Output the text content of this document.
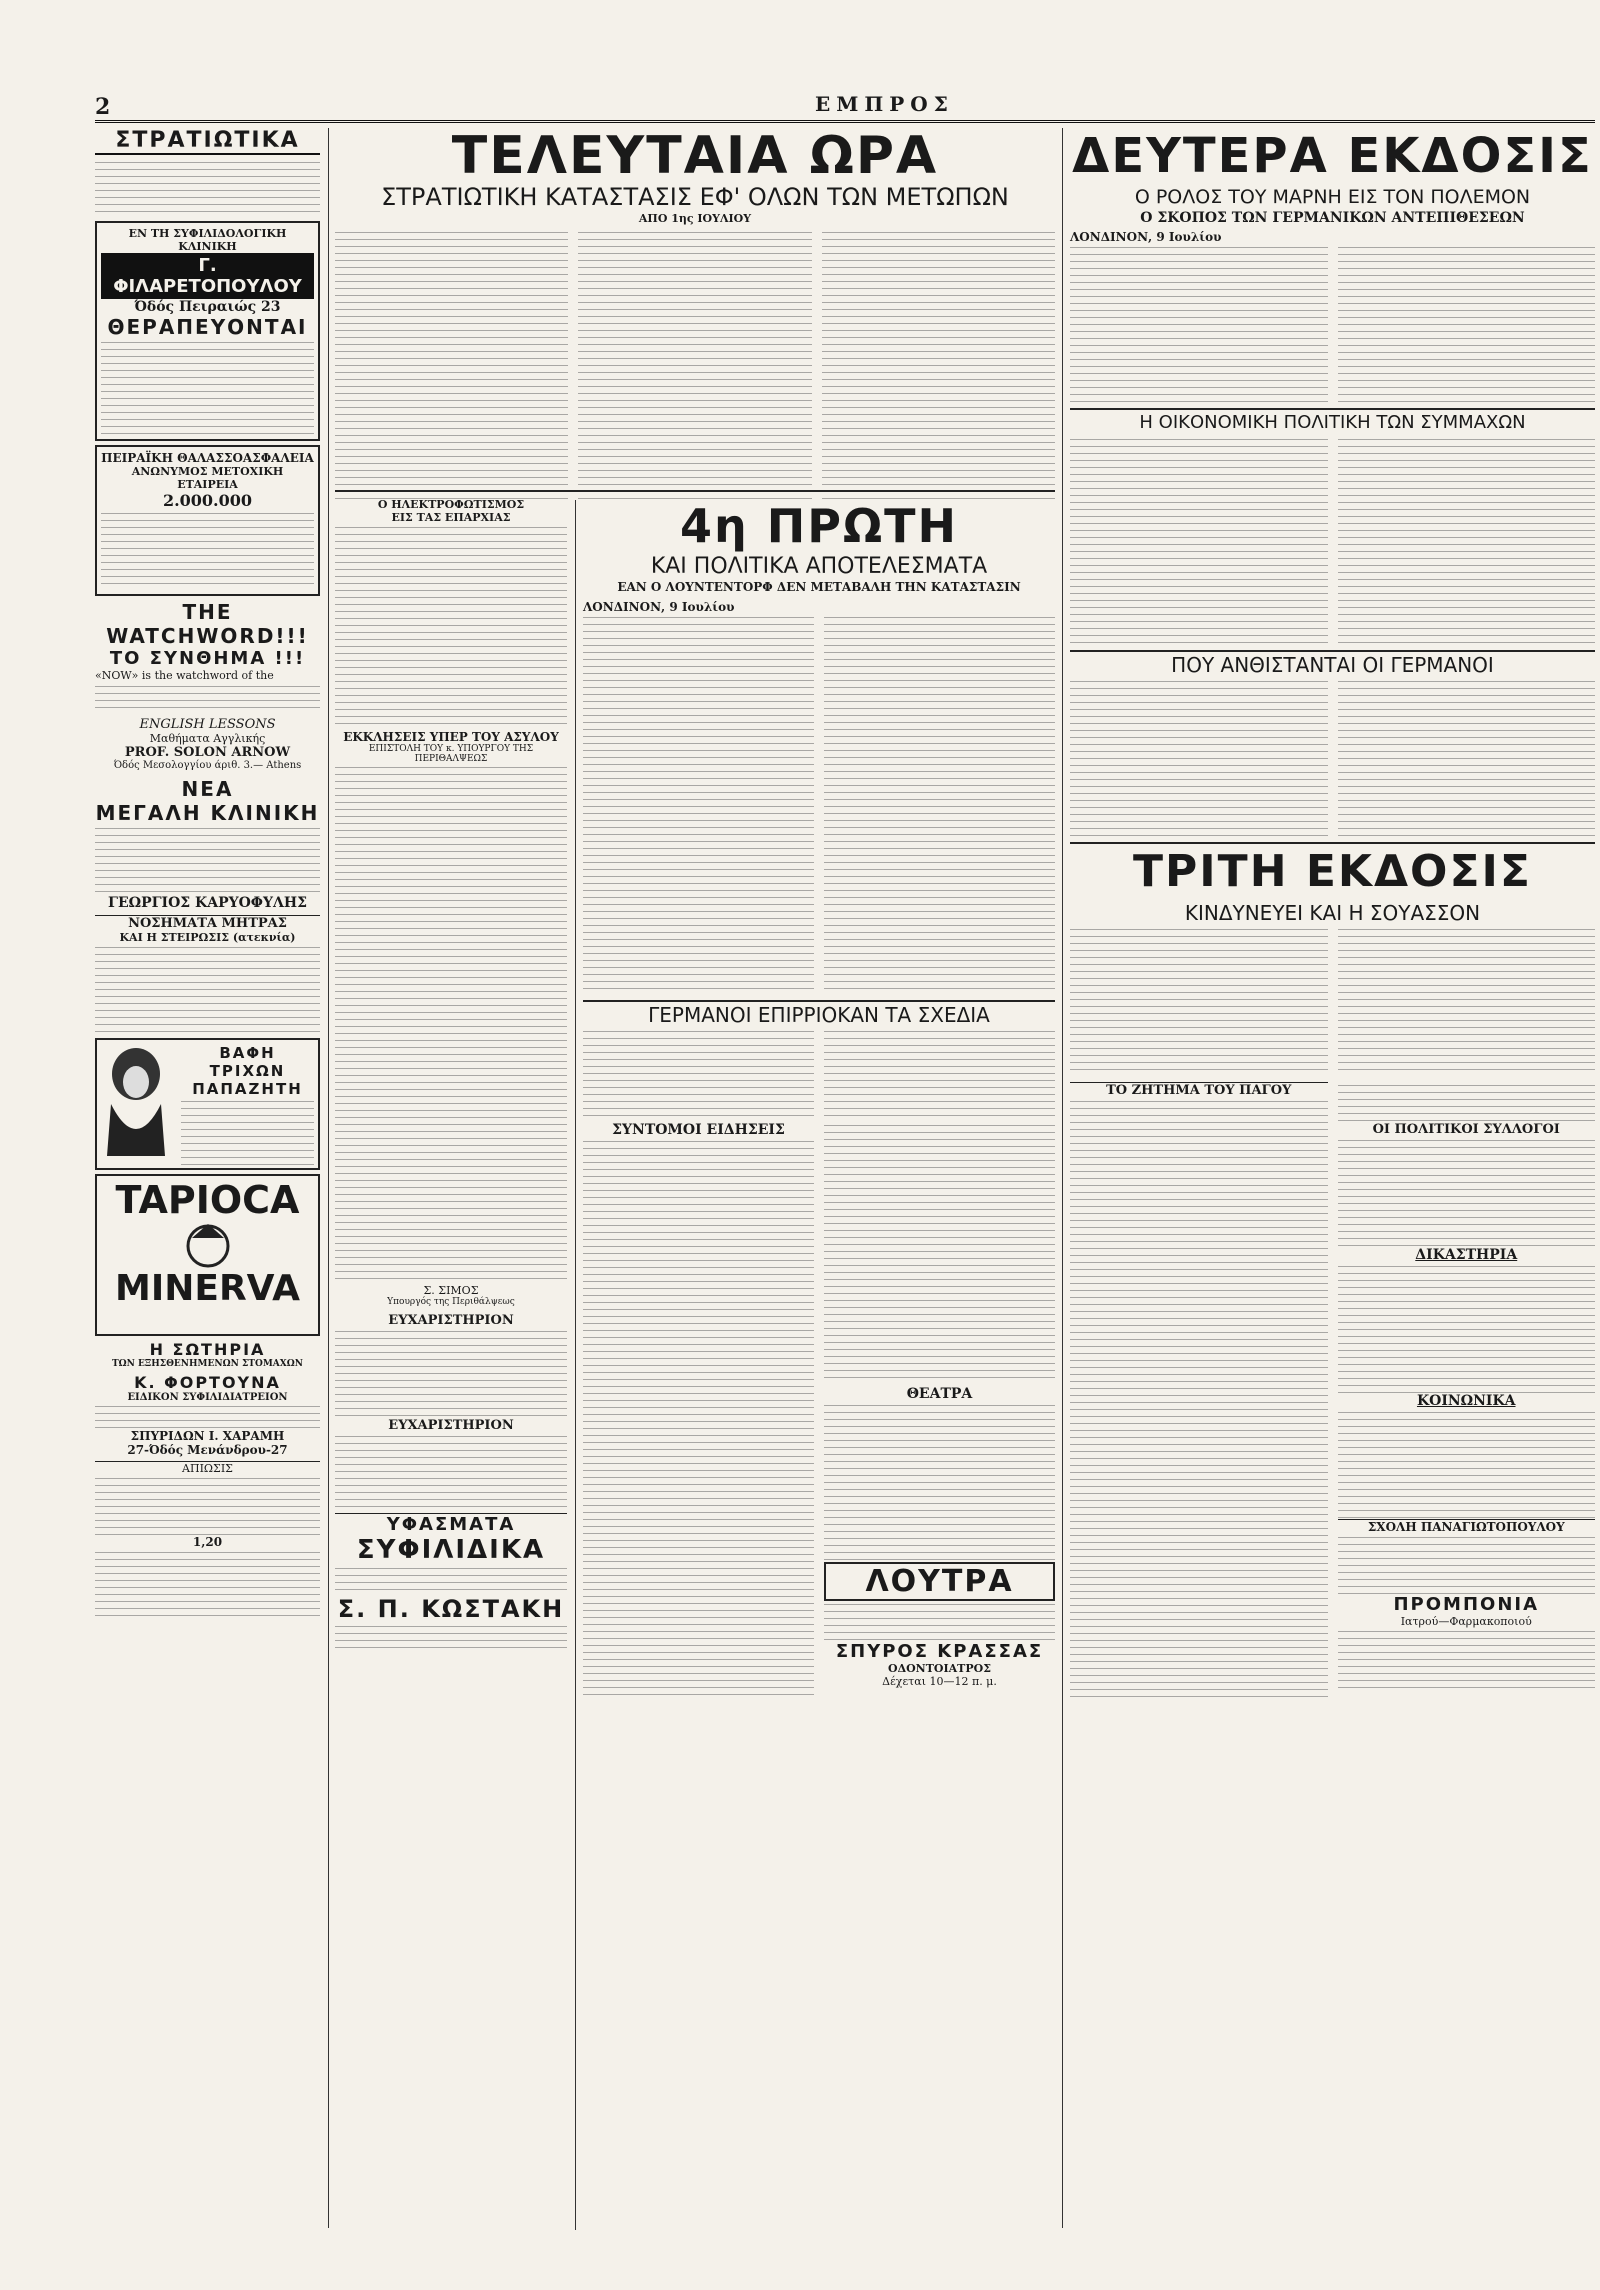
2	ΕΜΠΡΟΣ
ΣΤΡΑΤΙΩΤΙΚΑ
ΕΝ ΤΗ ΣΥΦΙΛΙΔΟΛΟΓΙΚΗ ΚΛΙΝΙΚΗ
Γ. ΦΙΛΑΡΕΤΟΠΟΥΛΟΥ
Όδός Πειραιώς 23
ΘΕΡΑΠΕΥΟΝΤΑΙ
ΠΕΙΡΑΪΚΗ ΘΑΛΑΣΣΟΑΣΦΑΛΕΙΑ
ΑΝΩΝΥΜΟΣ ΜΕΤΟΧΙΚΗ ΕΤΑΙΡΕΙΑ
2.000.000
THE WATCHWORD!!!
ΤΟ ΣΥΝΘΗΜΑ !!!
«NOW» is the watchword of the
ENGLISH LESSONS
Μαθήματα Αγγλικής
PROF. SOLON ARNOW
Όδός Μεσολογγίου άριθ. 3.— Athens
ΝΕΑ
ΜΕΓΑΛΗ ΚΛΙΝΙΚΗ
ΓΕΩΡΓΙΟΣ ΚΑΡΥΟΦΥΛΗΣ
ΝΟΣΗΜΑΤΑ ΜΗΤΡΑΣ
ΚΑΙ Η ΣΤΕΙΡΩΣΙΣ (ατεκνία)
ΒΑΦΗ ΤΡΙΧΩΝ
ΠΑΠΑΖΗΤΗ
TAPIOCA
MINERVA
Η ΣΩΤΗΡΙΑ
ΤΩΝ ΕΞΗΣΘΕΝΗΜΕΝΩΝ ΣΤΟΜΑΧΩΝ
Κ. ΦΟΡΤΟΥΝΑ
ΕΙΔΙΚΟΝ ΣΥΦΙΛΙΔΙΑΤΡΕΙΟΝ
ΣΠΥΡΙΔΩΝ Ι. ΧΑΡΑΜΗ
27-Όδός Μενάνδρου-27
ΑΠΙΩΣΙΣ
1,20
ΤΕΛΕΥΤΑΙΑ ΩΡΑ
ΣΤΡΑΤΙΩΤΙΚΗ ΚΑΤΑΣΤΑΣΙΣ ΕΦ' ΟΛΩΝ ΤΩΝ ΜΕΤΩΠΩΝ
ΑΠΟ 1ης ΙΟΥΛΙΟΥ
Ο ΗΛΕΚΤΡΟΦΩΤΙΣΜΟΣ
ΕΙΣ ΤΑΣ ΕΠΑΡΧΙΑΣ
ΕΚΚΛΗΣΕΙΣ ΥΠΕΡ ΤΟΥ ΑΣΥΛΟΥ
ΕΠΙΣΤΟΛΗ ΤΟΥ κ. ΥΠΟΥΡΓΟΥ ΤΗΣ ΠΕΡΙΘΑΛΨΕΩΣ
Σ. ΣΙΜΟΣ
Υπουργός της Περιθάλψεως
ΕΥΧΑΡΙΣΤΗΡΙΟΝ
ΕΥΧΑΡΙΣΤΗΡΙΟΝ
ΥΦΑΣΜΑΤΑ
ΣΥΦΙΛΙΔΙΚΑ
Σ. Π. ΚΩΣΤΑΚΗ
4η ΠΡΩΤΗ
ΚΑΙ ΠΟΛΙΤΙΚΑ ΑΠΟΤΕΛΕΣΜΑΤΑ
ΕΑΝ Ο ΛΟΥΝΤΕΝΤΟΡΦ ΔΕΝ ΜΕΤΑΒΑΛΗ ΤΗΝ ΚΑΤΑΣΤΑΣΙΝ
ΛΟΝΔΙΝΟΝ, 9 Ιουλίου
ΓΕΡΜΑΝΟΙ ΕΠΙΡΡΙΟΚΑΝ ΤΑ ΣΧΕΔΙΑ
ΣΥΝΤΟΜΟΙ ΕΙΔΗΣΕΙΣ
ΘΕΑΤΡΑ
ΛΟΥΤΡΑ
ΣΠΥΡΟΣ ΚΡΑΣΣΑΣ
ΟΔΟΝΤΟΙΑΤΡΟΣ
Δέχεται 10—12 π. μ.
ΔΕΥΤΕΡΑ ΕΚΔΟΣΙΣ
Ο ΡΟΛΟΣ ΤΟΥ ΜΑΡΝΗ ΕΙΣ ΤΟΝ ΠΟΛΕΜΟΝ
Ο ΣΚΟΠΟΣ ΤΩΝ ΓΕΡΜΑΝΙΚΩΝ ΑΝΤΕΠΙΘΕΣΕΩΝ
ΛΟΝΔΙΝΟΝ, 9 Ιουλίου
Η ΟΙΚΟΝΟΜΙΚΗ ΠΟΛΙΤΙΚΗ ΤΩΝ ΣΥΜΜΑΧΩΝ
ΠΟΥ ΑΝΘΙΣΤΑΝΤΑΙ ΟΙ ΓΕΡΜΑΝΟΙ
ΤΡΙΤΗ ΕΚΔΟΣΙΣ
ΚΙΝΔΥΝΕΥΕΙ ΚΑΙ Η ΣΟΥΑΣΣΟΝ
ΤΟ ΖΗΤΗΜΑ ΤΟΥ ΠΑΓΟΥ
ΟΙ ΠΟΛΙΤΙΚΟΙ ΣΥΛΛΟΓΟΙ
ΔΙΚΑΣΤΗΡΙΑ
ΚΟΙΝΩΝΙΚΑ
ΣΧΟΛΗ ΠΑΝΑΓΙΩΤΟΠΟΥΛΟΥ
ΠΡΟΜΠΟΝΙΑ
Ιατρού—Φαρμακοποιού
